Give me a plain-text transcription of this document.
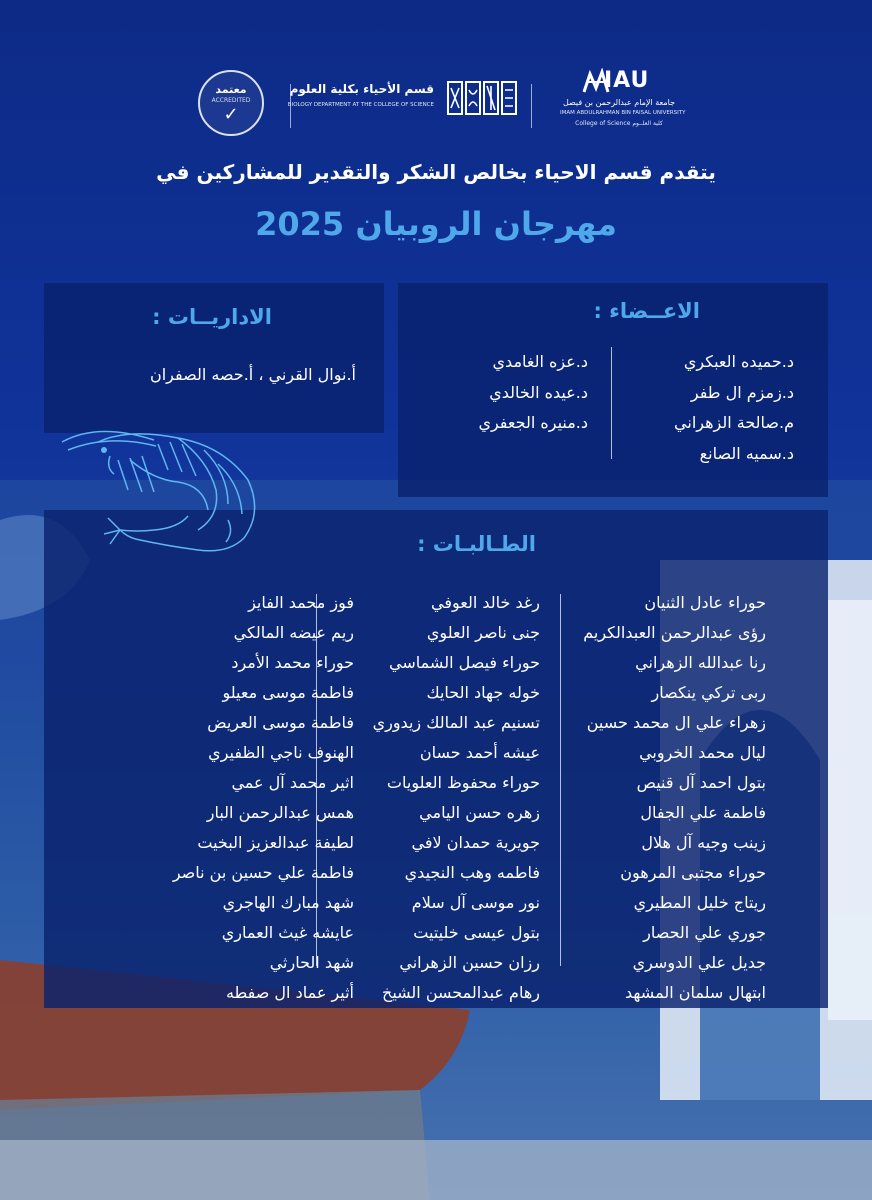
معتمد
ACCREDITED
✓
قسم الأحياء بكلية العلوم
BIOLOGY DEPARTMENT AT THE COLLEGE OF SCIENCE
IAU
جامعة الإمام عبدالرحمن بن فيصل
IMAM ABDULRAHMAN BIN FAISAL UNIVERSITY
College of Science كلية العلــوم
يتقدم قسم الاحياء بخالص الشكر والتقدير للمشاركين في
مهرجان الروبيان 2025
الاداريــات :
أ.نوال القرني ، أ.حصه الصفران
الاعــضاء :
د.حميده العبكري
د.زمزم ال طفر
م.صالحة الزهراني
د.سميه الصانع
د.عزه الغامدي
د.عيده الخالدي
د.منيره الجعفري
الطـالبـات :
حوراء عادل الثنيان
رؤى عبدالرحمن العبدالكريم
رنا عبدالله الزهراني
ربى تركي ينكصار
زهراء علي ال محمد حسين
ليال محمد الخروبي
بتول احمد آل قنيص
فاطمة علي الجفال
زينب وجيه آل هلال
حوراء مجتبى المرهون
ريتاج خليل المطيري
جوري علي الحصار
جديل علي الدوسري
ابتهال سلمان المشهد
رغد خالد العوفي
جنى ناصر العلوي
حوراء فيصل الشماسي
خوله جهاد الحايك
تسنيم عبد المالك زيدوري
عيشه أحمد حسان
حوراء محفوظ العلويات
زهره حسن اليامي
جويرية حمدان لافي
فاطمه وهب النجيدي
نور موسى آل سلام
بتول عيسى خليتيت
رزان حسين الزهراني
رهام عبدالمحسن الشيخ
فوز محمد الفايز
ريم عيضه المالكي
حوراء محمد الأمرد
فاطمة موسى معيلو
فاطمة موسى العريض
الهنوف ناجي الظفيري
اثير محمد آل عمي
همس عبدالرحمن البار
لطيفة عبدالعزيز البخيت
فاطمة علي حسين بن ناصر
شهد مبارك الهاجري
عايشه غيث العماري
شهد الحارثي
أثير عماد ال صفطه
